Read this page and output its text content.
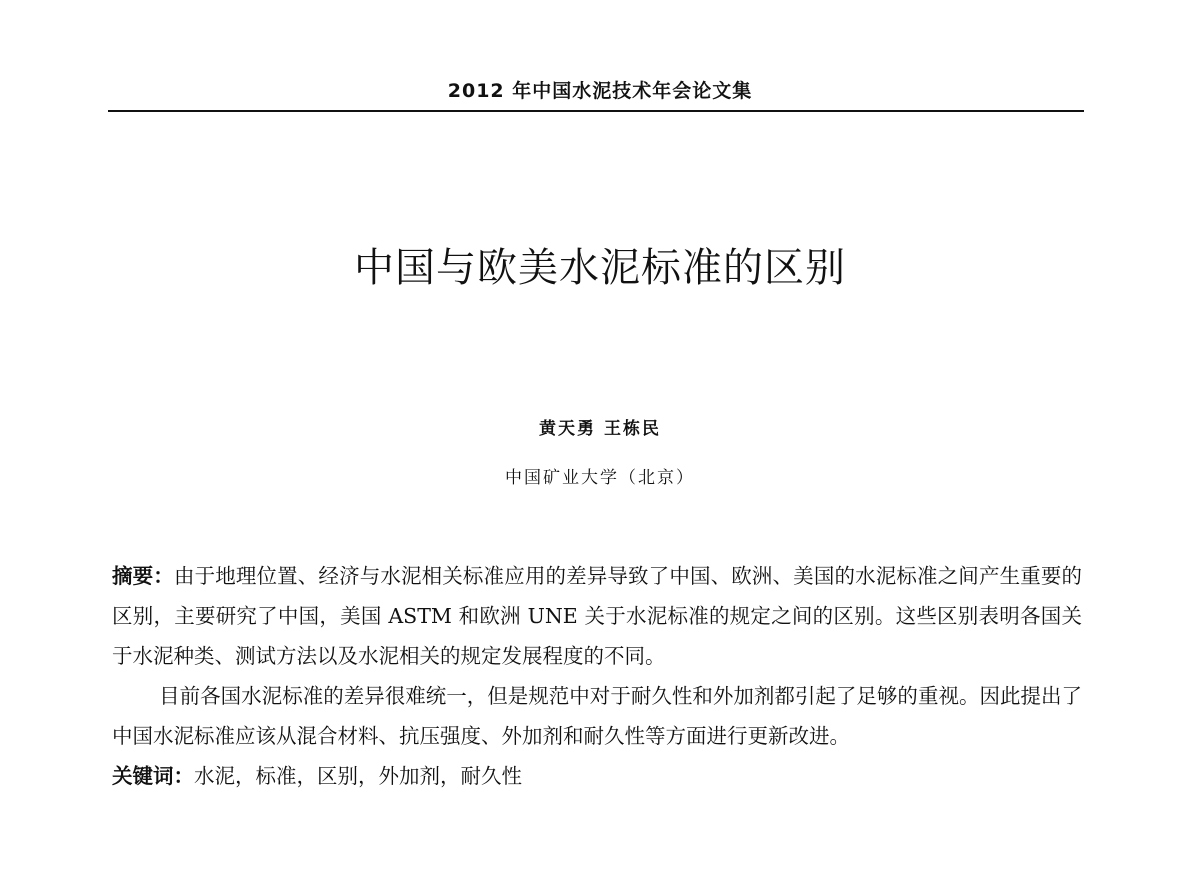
2012 年中国水泥技术年会论文集
中国与欧美水泥标准的区别
黄天勇 王栋民
中国矿业大学（北京）

摘要：由于地理位置、经济与水泥相关标准应用的差异导致了中国、欧洲、美国的水泥标准之间产生重要的区别，主要研究了中国，美国 ASTM 和欧洲 UNE 关于水泥标准的规定之间的区别。这些区别表明各国关于水泥种类、测试方法以及水泥相关的规定发展程度的不同。

目前各国水泥标准的差异很难统一，但是规范中对于耐久性和外加剂都引起了足够的重视。因此提出了中国水泥标准应该从混合材料、抗压强度、外加剂和耐久性等方面进行更新改进。

关键词：水泥，标准，区别，外加剂，耐久性
